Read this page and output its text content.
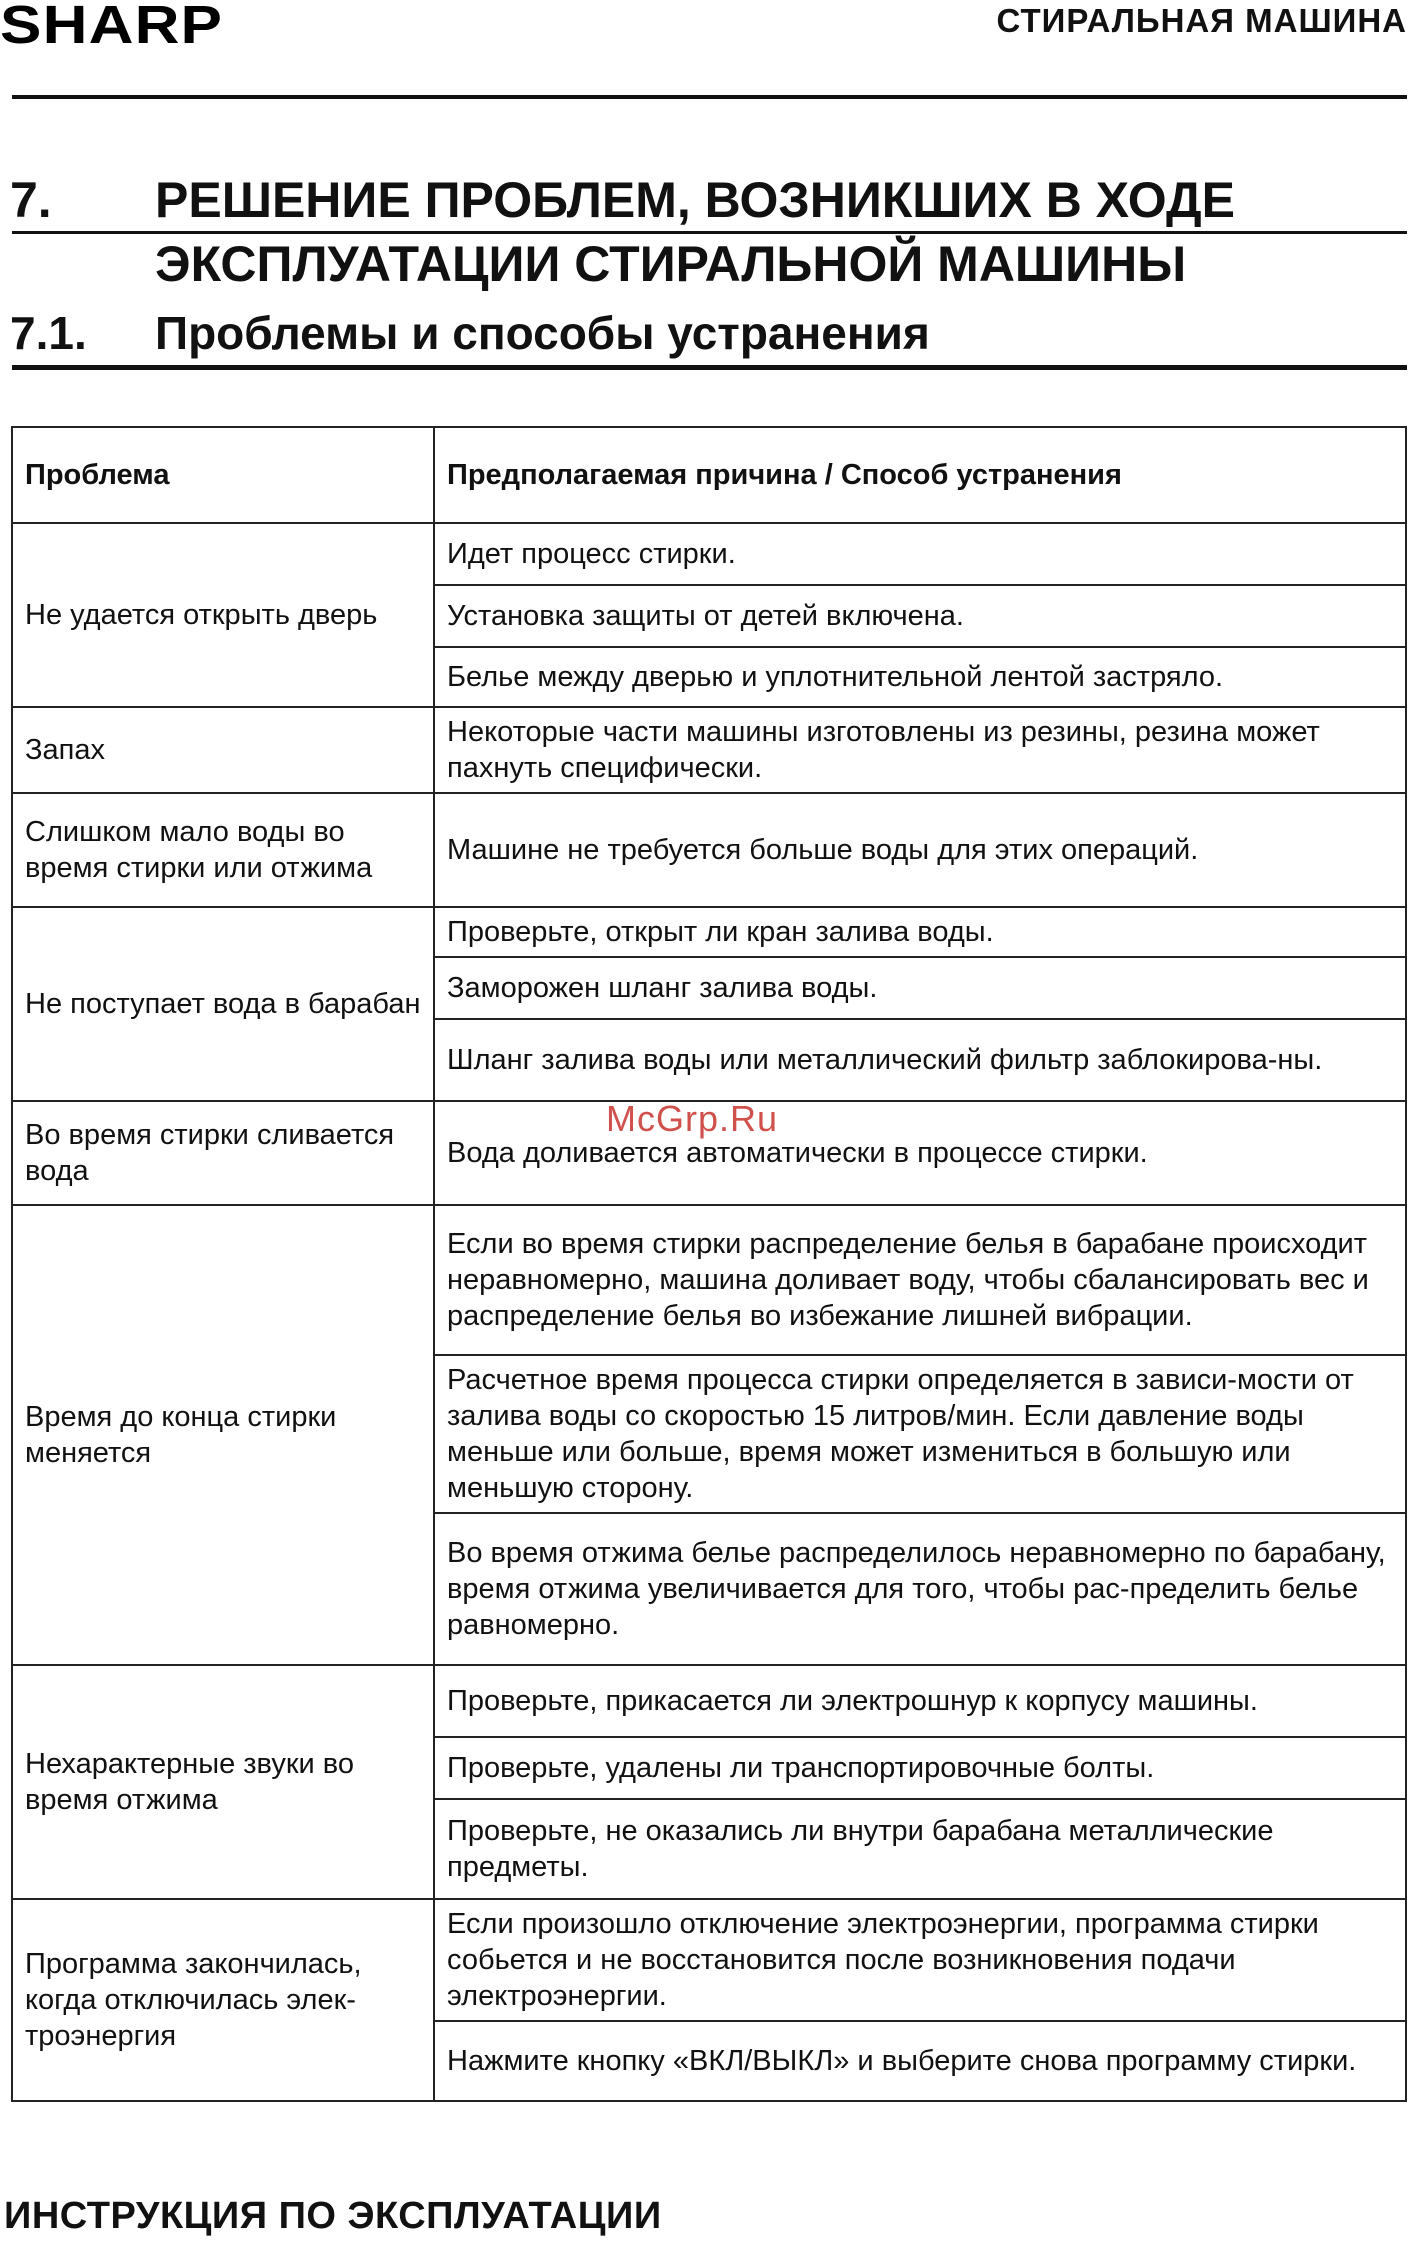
SHARP	СТИРАЛЬНАЯ МАШИНА
7. РЕШЕНИЕ ПРОБЛЕМ, ВОЗНИКШИХ В ХОДЕ ЭКСПЛУАТАЦИИ СТИРАЛЬНОЙ МАШИНЫ
7.1. Проблемы и способы устранения
Проблема	Предполагаемая причина / Способ устранения
Не удается открыть дверь	Идет процесс стирки.
	Установка защиты от детей включена.
	Белье между дверью и уплотнительной лентой застряло.
Запах	Некоторые части машины изготовлены из резины, резина может пахнуть специфически.
Слишком мало воды во время стирки или отжима	Машине не требуется больше воды для этих операций.
Не поступает вода в барабан	Проверьте, открыт ли кран залива воды.
	Заморожен шланг залива воды.
	Шланг залива воды или металлический фильтр заблокирова-ны.
Во время стирки сливается вода	Вода доливается автоматически в процессе стирки.
Время до конца стирки меняется	Если во время стирки распределение белья в барабане происходит неравномерно, машина доливает воду, чтобы сбалансировать вес и распределение белья во избежание лишней вибрации.
	Расчетное время процесса стирки определяется в зависи-мости от залива воды со скоростью 15 литров/мин. Если давление воды меньше или больше, время может измениться в большую или меньшую сторону.
	Во время отжима белье распределилось неравномерно по барабану, время отжима увеличивается для того, чтобы рас-пределить белье равномерно.
Нехарактерные звуки во время отжима	Проверьте, прикасается ли электрошнур к корпусу машины.
	Проверьте, удалены ли транспортировочные болты.
	Проверьте, не оказались ли внутри барабана металлические предметы.
Программа закончилась, когда отключилась элек-троэнергия	Если произошло отключение электроэнергии, программа стирки собьется и не восстановится после возникновения подачи электроэнергии.
	Нажмите кнопку «ВКЛ/ВЫКЛ» и выберите снова программу стирки.
McGrp.Ru
ИНСТРУКЦИЯ ПО ЭКСПЛУАТАЦИИ
